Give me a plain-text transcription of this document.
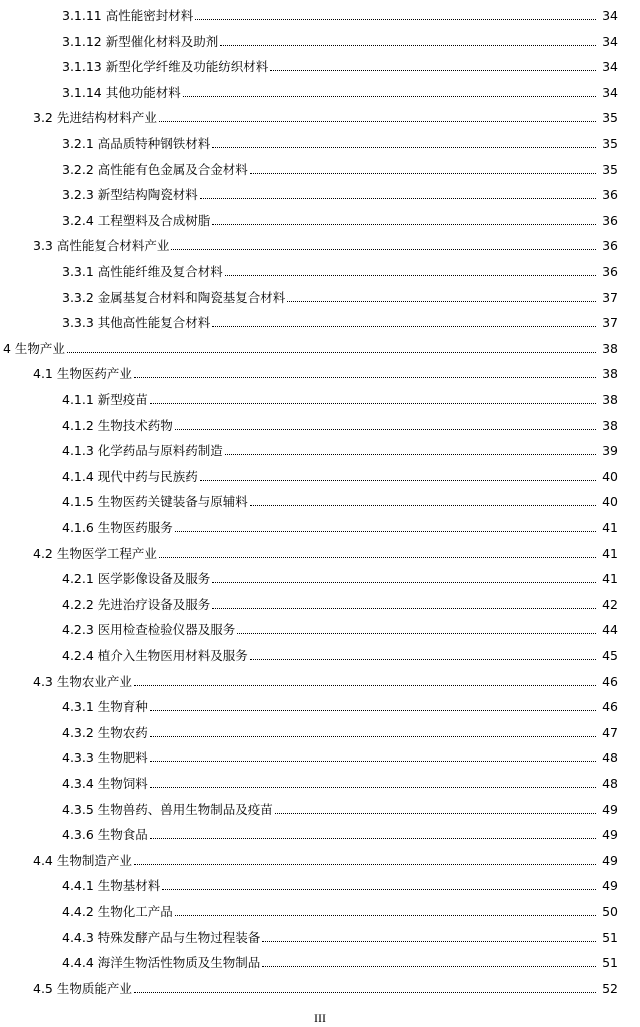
3.1.11 高性能密封材料	34
3.1.12 新型催化材料及助剂	34
3.1.13 新型化学纤维及功能纺织材料	34
3.1.14 其他功能材料	34
3.2 先进结构材料产业	35
3.2.1 高品质特种钢铁材料	35
3.2.2 高性能有色金属及合金材料	35
3.2.3 新型结构陶瓷材料	36
3.2.4 工程塑料及合成树脂	36
3.3 高性能复合材料产业	36
3.3.1 高性能纤维及复合材料	36
3.3.2 金属基复合材料和陶瓷基复合材料	37
3.3.3 其他高性能复合材料	37
4 生物产业	38
4.1 生物医药产业	38
4.1.1 新型疫苗	38
4.1.2 生物技术药物	38
4.1.3 化学药品与原料药制造	39
4.1.4 现代中药与民族药	40
4.1.5 生物医药关键装备与原辅料	40
4.1.6 生物医药服务	41
4.2 生物医学工程产业	41
4.2.1 医学影像设备及服务	41
4.2.2 先进治疗设备及服务	42
4.2.3 医用检查检验仪器及服务	44
4.2.4 植介入生物医用材料及服务	45
4.3 生物农业产业	46
4.3.1 生物育种	46
4.3.2 生物农药	47
4.3.3 生物肥料	48
4.3.4 生物饲料	48
4.3.5 生物兽药、兽用生物制品及疫苗	49
4.3.6 生物食品	49
4.4 生物制造产业	49
4.4.1 生物基材料	49
4.4.2 生物化工产品	50
4.4.3 特殊发酵产品与生物过程装备	51
4.4.4 海洋生物活性物质及生物制品	51
4.5 生物质能产业	52
III
